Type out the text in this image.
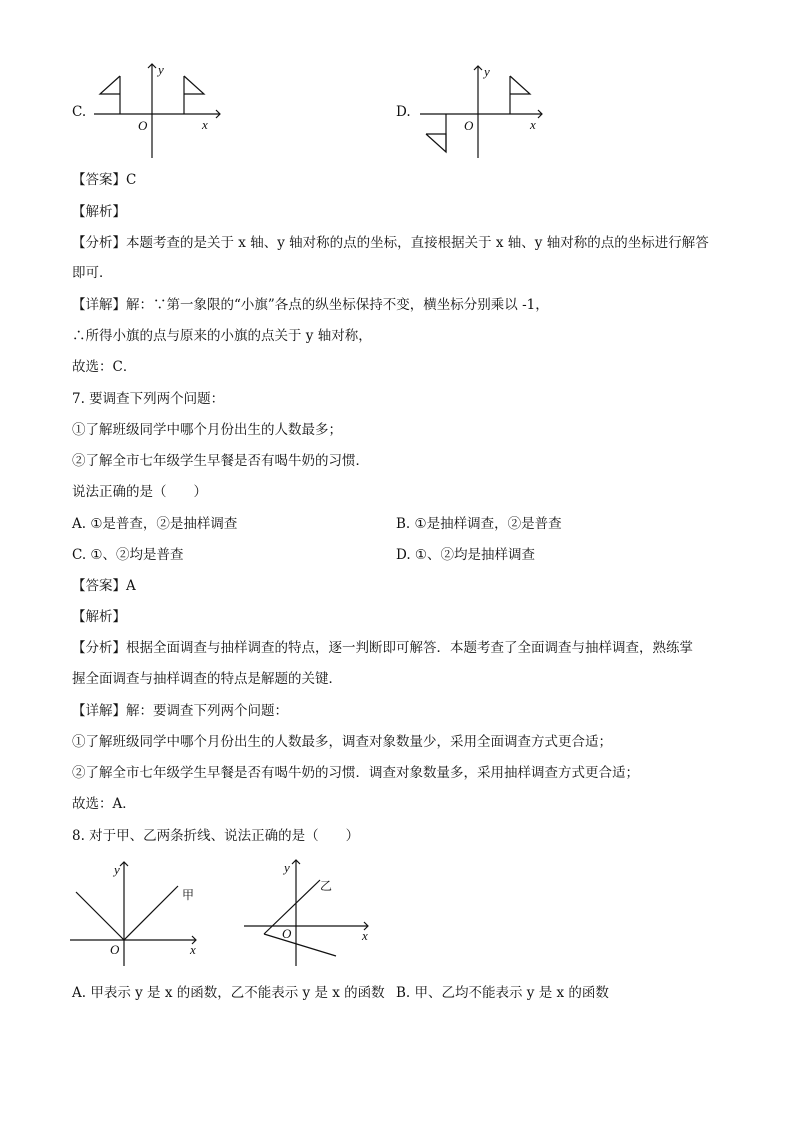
C.
y
x
O
D.
y
x
O
【答案】C
【解析】
【分析】本题考查的是关于 x 轴、y 轴对称的点的坐标，直接根据关于 x 轴、y 轴对称的点的坐标进行解答
即可．
【详解】解：∵第一象限的“小旗”各点的纵坐标保持不变，横坐标分别乘以 -1，
∴所得小旗的点与原来的小旗的点关于 y 轴对称，
故选：C．
7. 要调查下列两个问题：
①了解班级同学中哪个月份出生的人数最多；
②了解全市七年级学生早餐是否有喝牛奶的习惯．
说法正确的是（　　）
A. ①是普查，②是抽样调查	B. ①是抽样调查，②是普查
C. ①、②均是普查	D. ①、②均是抽样调查
【答案】A
【解析】
【分析】根据全面调查与抽样调查的特点，逐一判断即可解答．本题考查了全面调查与抽样调查，熟练掌
握全面调查与抽样调查的特点是解题的关键．
【详解】解：要调查下列两个问题：
①了解班级同学中哪个月份出生的人数最多，调查对象数量少，采用全面调查方式更合适；
②了解全市七年级学生早餐是否有喝牛奶的习惯．调查对象数量多，采用抽样调查方式更合适；
故选：A．
8. 对于甲、乙两条折线、说法正确的是（　　）
y
x
O
甲
y
x
O
乙
A. 甲表示 y 是 x 的函数，乙不能表示 y 是 x 的函数 B. 甲、乙均不能表示 y 是 x 的函数
